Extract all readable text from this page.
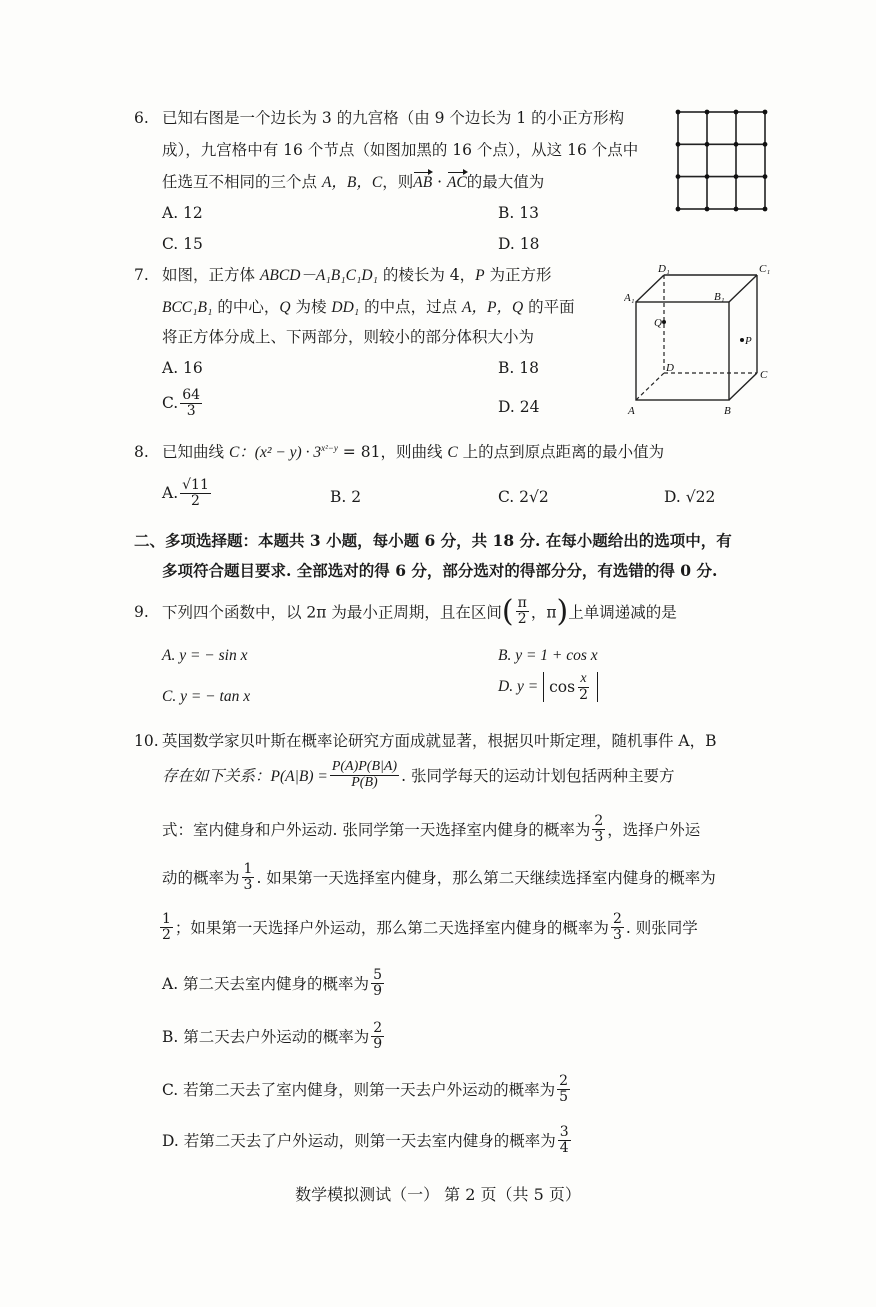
6. 已知右图是一个边长为 3 的九宫格（由 9 个边长为 1 的小正方形构
成），九宫格中有 16 个节点（如图加黑的 16 个点），从这 16 个点中
任选互不相同的三个点 A，B，C，则AB · AC的最大值为
A. 12	B. 13
C. 15	D. 18
7. 如图，正方体 ABCD－A₁B₁C₁D₁ 的棱长为 4，P 为正方形
BCC₁B₁ 的中心，Q 为棱 DD₁ 的中点，过点 A，P，Q 的平面
将正方体分成上、下两部分，则较小的部分体积大小为
A. 16	B. 18
C. $\frac{64}{3}$	D. 24
D₁	C₁
A₁	B₁
Q
P
D
C
A	B
8. 已知曲线 C：$(x^2 - y) \cdot 3^{x^2-y} = 81$，则曲线 C 上的点到原点距离的最小值为
A. $\frac{√11}{2}$	B. 2	C. 2√2	D. √22
二、多项选择题：本题共 3 小题，每小题 6 分，共 18 分. 在每小题给出的选项中，有
多项符合题目要求. 全部选对的得 6 分，部分选对的得部分分，有选错的得 0 分.
9. 下列四个函数中，以 2π 为最小正周期，且在区间( $\frac{\pi}{2}$ ，π)上单调递减的是
A. y = − sin x	B. y = 1 + cos x
C. y = − tan x
D. $y = \cos \frac{x}{2}$
10. 英国数学家贝叶斯在概率论研究方面成就显著，根据贝叶斯定理，随机事件 A，B
存在如下关系：$P(A|B) = \frac{P(A)P(B|A)}{P(B)}$ . 张同学每天的运动计划包括两种主要方
式：室内健身和户外运动. 张同学第一天选择室内健身的概率为 $\frac{2}{3}$ ，选择户外运
动的概率为 $\frac{1}{3}$ . 如果第一天选择室内健身，那么第二天继续选择室内健身的概率为
$\frac{1}{2}$ ；如果第一天选择户外运动，那么第二天选择室内健身的概率为 $\frac{2}{3}$ . 则张同学
A. 第二天去室内健身的概率为 $\frac{5}{9}$
B. 第二天去户外运动的概率为 $\frac{2}{9}$
C. 若第二天去了室内健身，则第一天去户外运动的概率为 $\frac{2}{5}$
D. 若第二天去了户外运动，则第一天去室内健身的概率为 $\frac{3}{4}$
数学模拟测试（一） 第 2 页（共 5 页）
